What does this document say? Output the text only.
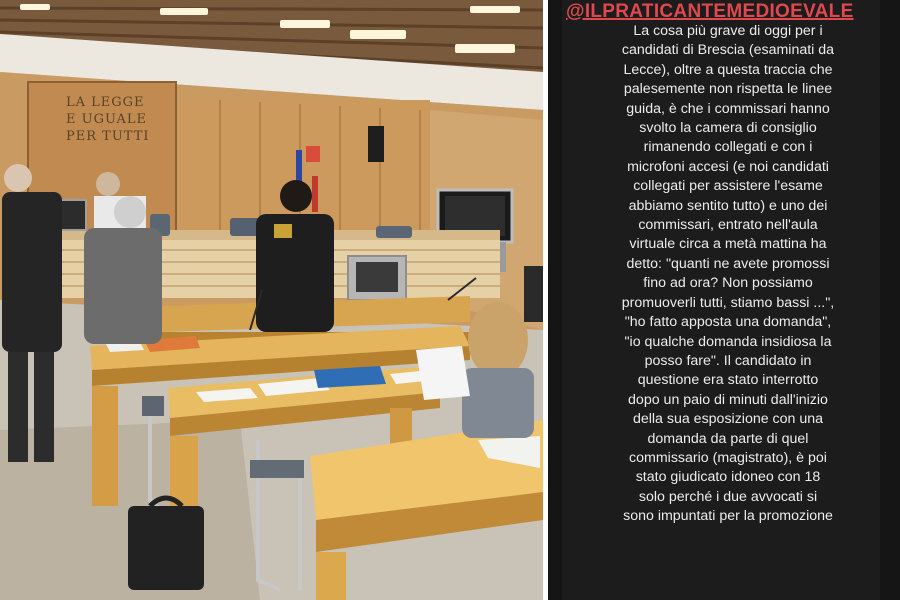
LA LEGGE
E UGUALE
PER TUTTI
@ILPRATICANTEMEDIOEVALE
La cosa più grave di oggi per i
candidati di Brescia (esaminati da
Lecce), oltre a questa traccia che
palesemente non rispetta le linee
guida, è che i commissari hanno
svolto la camera di consiglio
rimanendo collegati e con i
microfoni accesi (e noi candidati
collegati per assistere l'esame
abbiamo sentito tutto) e uno dei
commissari, entrato nell'aula
virtuale circa a metà mattina ha
detto: "quanti ne avete promossi
fino ad ora? Non possiamo
promuoverli tutti, stiamo bassi ...",
"ho fatto apposta una domanda",
"io qualche domanda insidiosa la
posso fare". Il candidato in
questione era stato interrotto
dopo un paio di minuti dall'inizio
della sua esposizione con una
domanda da parte di quel
commissario (magistrato), è poi
stato giudicato idoneo con 18
solo perché i due avvocati si
sono impuntati per la promozione
